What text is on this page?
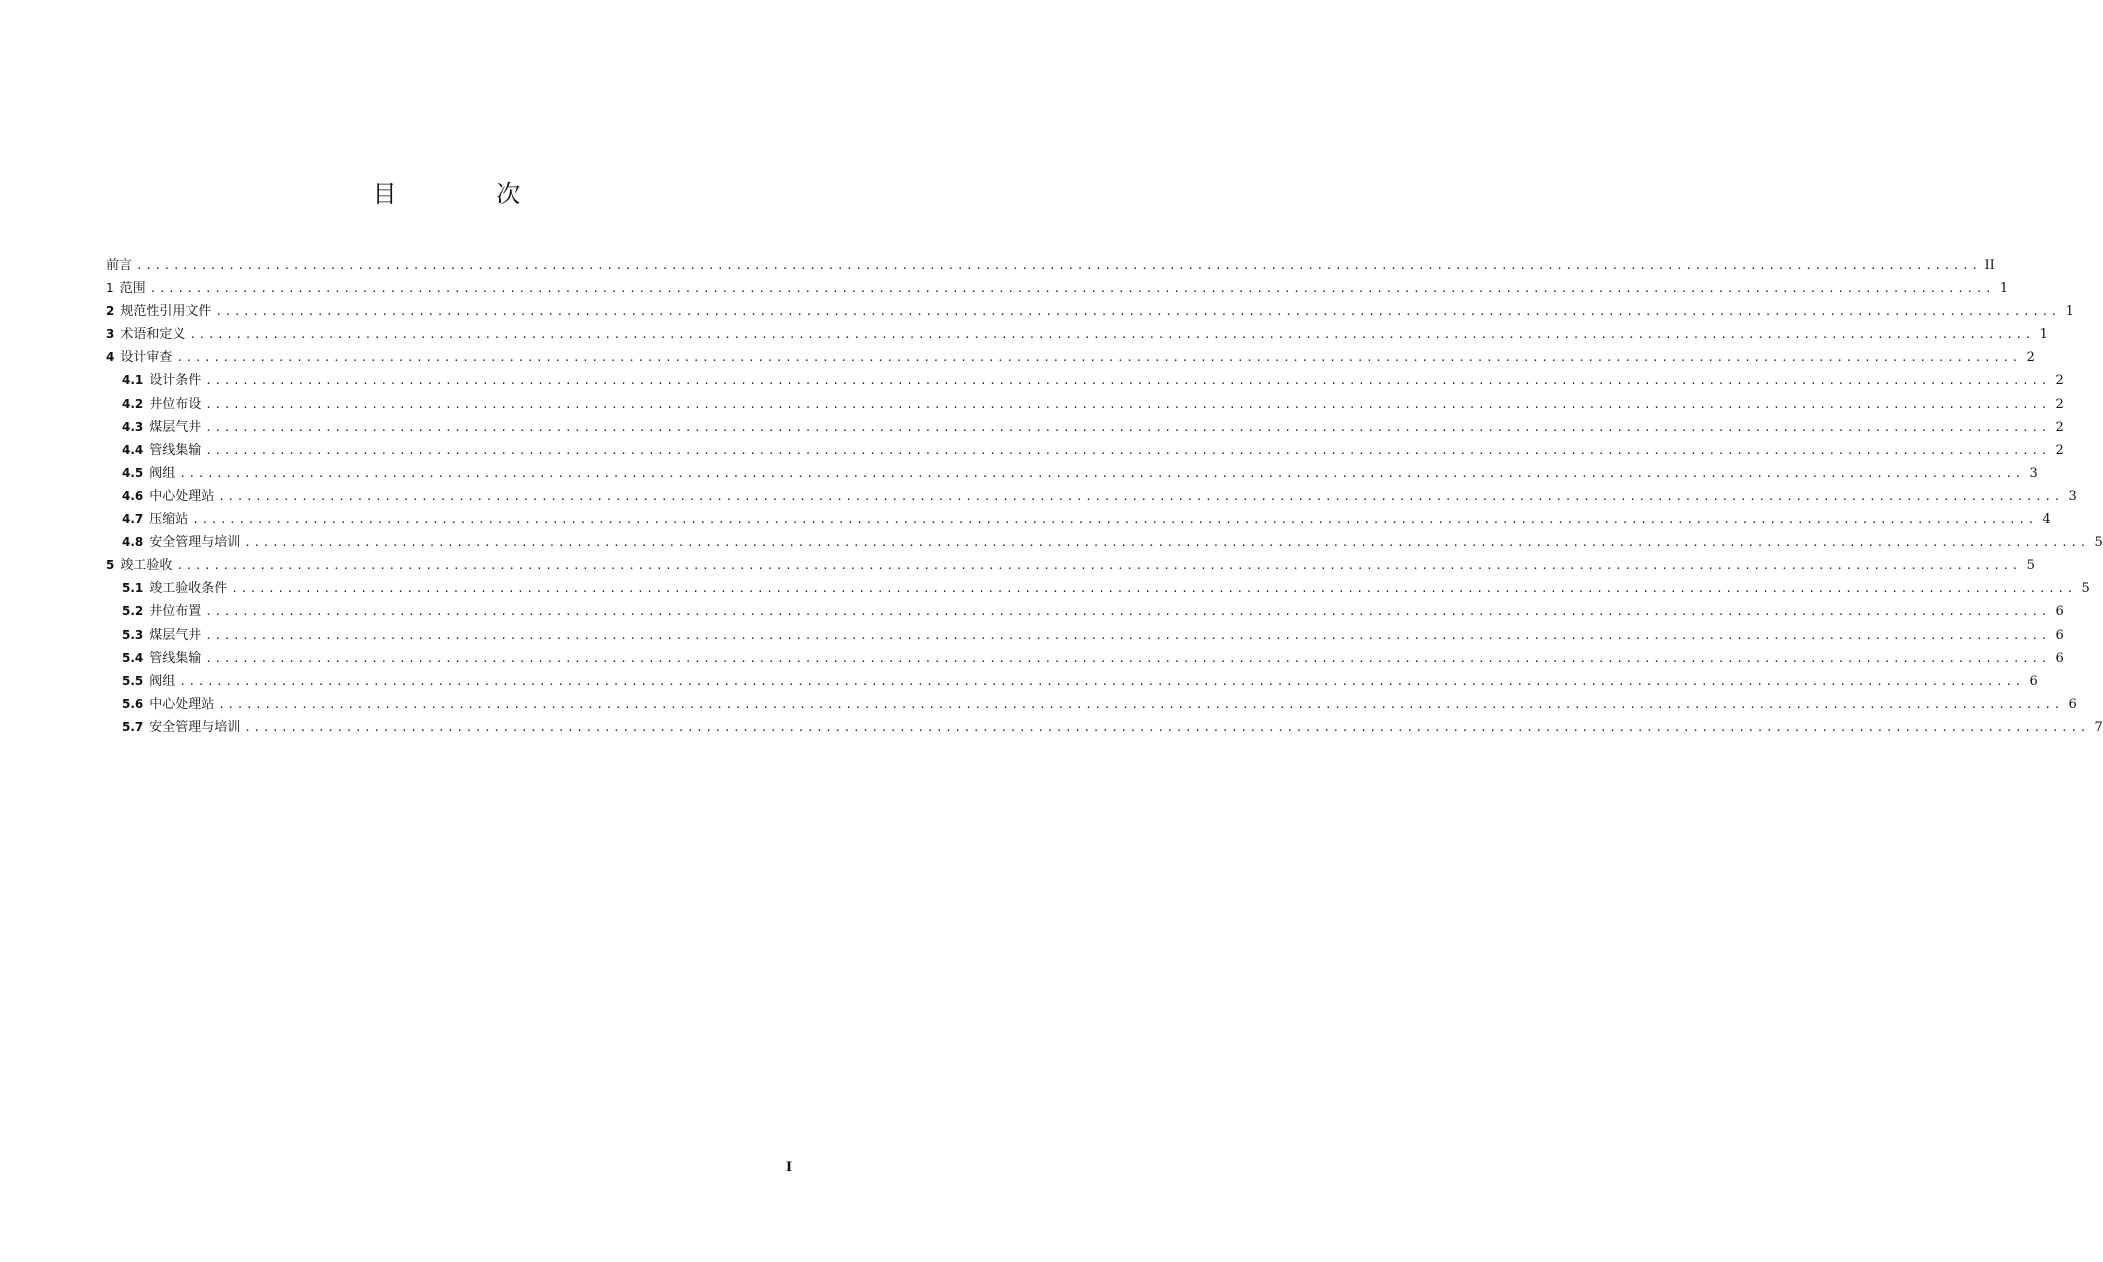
目 次
前言 ........................................................................................................................................................................................................ II
1 范围 ........................................................................................................................................................................................................ 1
2 规范性引用文件 ........................................................................................................................................................................................................ 1
3 术语和定义 ........................................................................................................................................................................................................ 1
4 设计审查 ........................................................................................................................................................................................................ 2
4.1 设计条件 ........................................................................................................................................................................................................ 2
4.2 井位布设 ........................................................................................................................................................................................................ 2
4.3 煤层气井 ........................................................................................................................................................................................................ 2
4.4 管线集输 ........................................................................................................................................................................................................ 2
4.5 阀组 ........................................................................................................................................................................................................ 3
4.6 中心处理站 ........................................................................................................................................................................................................ 3
4.7 压缩站 ........................................................................................................................................................................................................ 4
4.8 安全管理与培训 ........................................................................................................................................................................................................ 5
5 竣工验收 ........................................................................................................................................................................................................ 5
5.1 竣工验收条件 ........................................................................................................................................................................................................ 5
5.2 井位布置 ........................................................................................................................................................................................................ 6
5.3 煤层气井 ........................................................................................................................................................................................................ 6
5.4 管线集输 ........................................................................................................................................................................................................ 6
5.5 阀组 ........................................................................................................................................................................................................ 6
5.6 中心处理站 ........................................................................................................................................................................................................ 6
5.7 安全管理与培训 ........................................................................................................................................................................................................ 7
I
